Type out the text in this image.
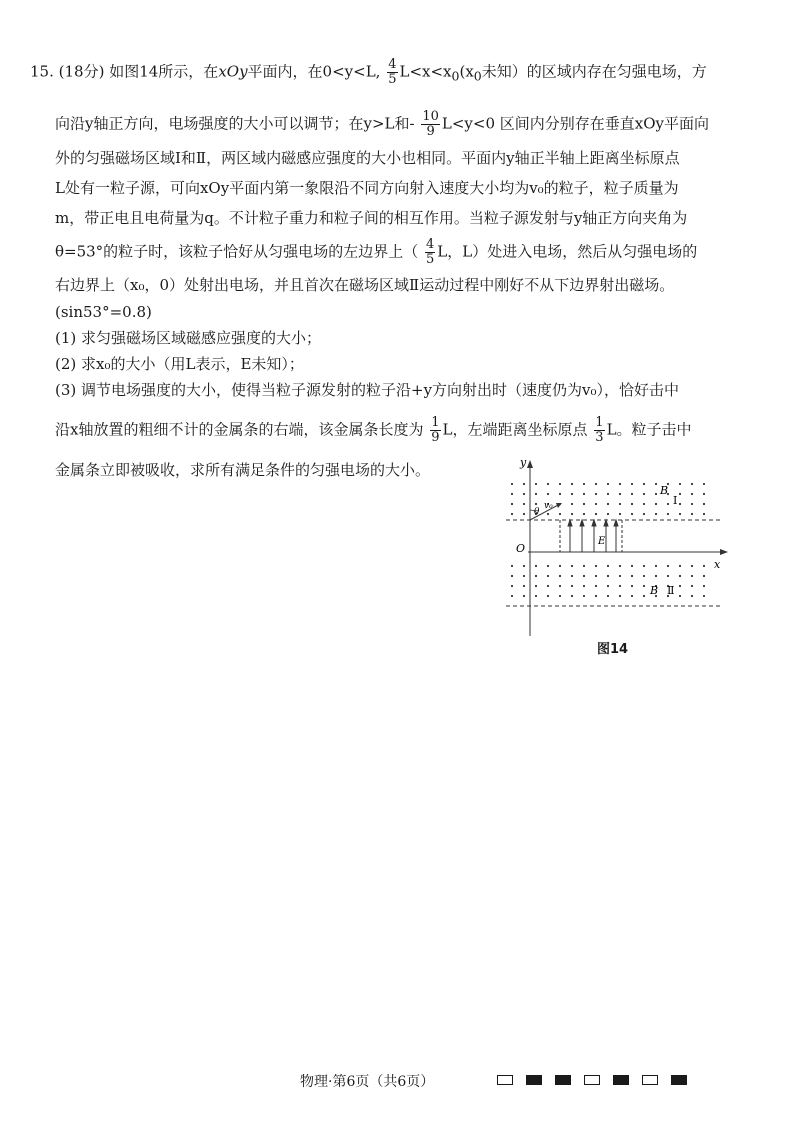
15. (18分) 如图14所示，在xOy平面内，在0<y<L, $\frac{4}{5} L<x<x_0(x_0$未知）的区域内存在匀强电场，方
向沿y轴正方向，电场强度的大小可以调节；在y>L和- $\frac{10}{9} L<y<0$ 区间内分别存在垂直xOy平面向
外的匀强磁场区域Ⅰ和Ⅱ，两区域内磁感应强度的大小也相同。平面内y轴正半轴上距离坐标原点
L处有一粒子源，可向xOy平面内第一象限沿不同方向射入速度大小均为v₀的粒子，粒子质量为
m，带正电且电荷量为q。不计粒子重力和粒子间的相互作用。当粒子源发射与y轴正方向夹角为
θ=53°的粒子时，该粒子恰好从匀强电场的左边界上（ $\frac{4}{5}$ L，L）处进入电场，然后从匀强电场的
右边界上（x₀，0）处射出电场，并且首次在磁场区域Ⅱ运动过程中刚好不从下边界射出磁场。
(sin53°=0.8)
(1) 求匀强磁场区域磁感应强度的大小；
(2) 求x₀的大小（用L表示，E未知）；
(3) 调节电场强度的大小，使得当粒子源发射的粒子沿+y方向射出时（速度仍为v₀），恰好击中
沿x轴放置的粗细不计的金属条的右端，该金属条长度为 $\frac{1}{9}$ L，左端距离坐标原点 $\frac{1}{3}$ L。粒子击中
金属条立即被吸收，求所有满足条件的匀强电场的大小。
θ
v₀
y
x
O
B
Ⅰ
E
B Ⅱ
图14
物理·第6页（共6页）
